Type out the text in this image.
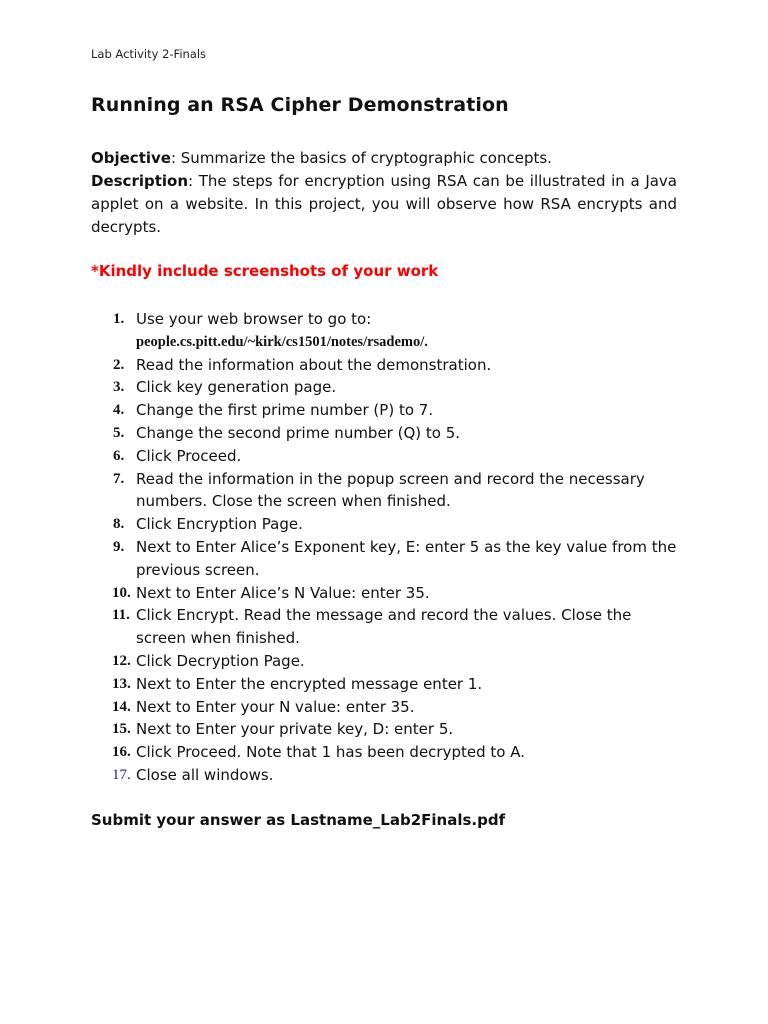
Lab Activity 2-Finals
Running an RSA Cipher Demonstration
Objective: Summarize the basics of cryptographic concepts.
Description: The steps for encryption using RSA can be illustrated in a Java applet on a website. In this project, you will observe how RSA encrypts and decrypts.
*Kindly include screenshots of your work
1. Use your web browser to go to:
people.cs.pitt.edu/~kirk/cs1501/notes/rsademo/.
2. Read the information about the demonstration.
3. Click key generation page.
4. Change the first prime number (P) to 7.
5. Change the second prime number (Q) to 5.
6. Click Proceed.
7. Read the information in the popup screen and record the necessary numbers. Close the screen when finished.
8. Click Encryption Page.
9. Next to Enter Alice’s Exponent key, E: enter 5 as the key value from the previous screen.
10. Next to Enter Alice’s N Value: enter 35.
11. Click Encrypt. Read the message and record the values. Close the screen when finished.
12. Click Decryption Page.
13. Next to Enter the encrypted message enter 1.
14. Next to Enter your N value: enter 35.
15. Next to Enter your private key, D: enter 5.
16. Click Proceed. Note that 1 has been decrypted to A.
17. Close all windows.
Submit your answer as Lastname_Lab2Finals.pdf
